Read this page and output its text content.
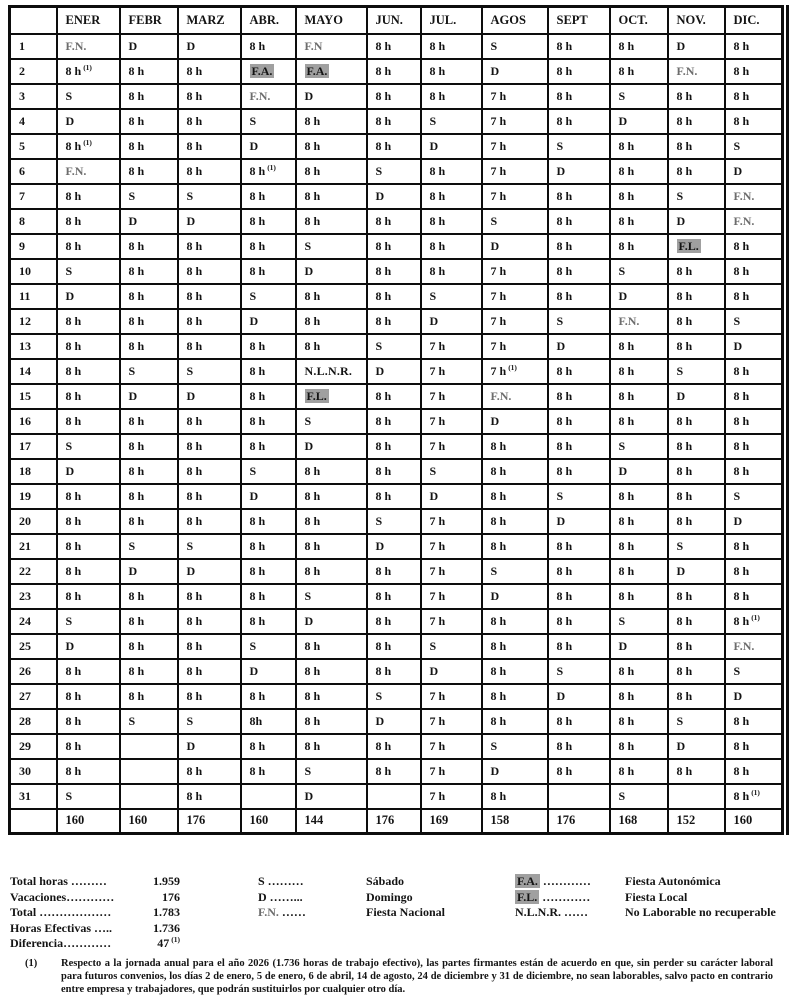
	ENER	FEBR	MARZ	ABR.	MAYO	JUN.	JUL.	AGOS	SEPT	OCT.	NOV.	DIC.
1	F.N.	D	D	8 h	F.N	8 h	8 h	S	8 h	8 h	D	8 h
2	8 h $^{(1)}$	8 h	8 h	F.A.	F.A.	8 h	8 h	D	8 h	8 h	F.N.	8 h
3	S	8 h	8 h	F.N.	D	8 h	8 h	7 h	8 h	S	8 h	8 h
4	D	8 h	8 h	S	8 h	8 h	S	7 h	8 h	D	8 h	8 h
5	8 h $^{(1)}$	8 h	8 h	D	8 h	8 h	D	7 h	S	8 h	8 h	S
6	F.N.	8 h	8 h	8 h $^{(1)}$	8 h	S	8 h	7 h	D	8 h	8 h	D
7	8 h	S	S	8 h	8 h	D	8 h	7 h	8 h	8 h	S	F.N.
8	8 h	D	D	8 h	8 h	8 h	8 h	S	8 h	8 h	D	F.N.
9	8 h	8 h	8 h	8 h	S	8 h	8 h	D	8 h	8 h	F.L.	8 h
10	S	8 h	8 h	8 h	D	8 h	8 h	7 h	8 h	S	8 h	8 h
11	D	8 h	8 h	S	8 h	8 h	S	7 h	8 h	D	8 h	8 h
12	8 h	8 h	8 h	D	8 h	8 h	D	7 h	S	F.N.	8 h	S
13	8 h	8 h	8 h	8 h	8 h	S	7 h	7 h	D	8 h	8 h	D
14	8 h	S	S	8 h	N.L.N.R.	D	7 h	7 h $^{(1)}$	8 h	8 h	S	8 h
15	8 h	D	D	8 h	F.L.	8 h	7 h	F.N.	8 h	8 h	D	8 h
16	8 h	8 h	8 h	8 h	S	8 h	7 h	D	8 h	8 h	8 h	8 h
17	S	8 h	8 h	8 h	D	8 h	7 h	8 h	8 h	S	8 h	8 h
18	D	8 h	8 h	S	8 h	8 h	S	8 h	8 h	D	8 h	8 h
19	8 h	8 h	8 h	D	8 h	8 h	D	8 h	S	8 h	8 h	S
20	8 h	8 h	8 h	8 h	8 h	S	7 h	8 h	D	8 h	8 h	D
21	8 h	S	S	8 h	8 h	D	7 h	8 h	8 h	8 h	S	8 h
22	8 h	D	D	8 h	8 h	8 h	7 h	S	8 h	8 h	D	8 h
23	8 h	8 h	8 h	8 h	S	8 h	7 h	D	8 h	8 h	8 h	8 h
24	S	8 h	8 h	8 h	D	8 h	7 h	8 h	8 h	S	8 h	8 h $^{(1)}$
25	D	8 h	8 h	S	8 h	8 h	S	8 h	8 h	D	8 h	F.N.
26	8 h	8 h	8 h	D	8 h	8 h	D	8 h	S	8 h	8 h	S
27	8 h	8 h	8 h	8 h	8 h	S	7 h	8 h	D	8 h	8 h	D
28	8 h	S	S	8h	8 h	D	7 h	8 h	8 h	8 h	S	8 h
29	8 h		D	8 h	8 h	8 h	7 h	S	8 h	8 h	D	8 h
30	8 h		8 h	8 h	S	8 h	7 h	D	8 h	8 h	8 h	8 h
31	S		8 h		D		7 h	8 h		S		8 h $^{(1)}$
	160	160	176	160	144	176	169	158	176	168	152	160
Total horas ………	1.959
Vacaciones…………	176
Total ………………	1.783
Horas Efectivas …..	1.736
Diferencia…………	47 $^{(1)}$
S ………	Sábado
D ……...	Domingo
F.N. ……	Fiesta Nacional
F.A. …………	Fiesta Autonómica
F.L. …………	Fiesta Local
N.L.N.R. ……	No Laborable no recuperable
(1)	Respecto a la jornada anual para el año 2026 (1.736 horas de trabajo efectivo), las partes firmantes están de acuerdo en que, sin perder su carácter laboral para futuros convenios, los días 2 de enero, 5 de enero, 6 de abril, 14 de agosto, 24 de diciembre y 31 de diciembre, no sean laborables, salvo pacto en contrario entre empresa y trabajadores, que podrán sustituirlos por cualquier otro día.
